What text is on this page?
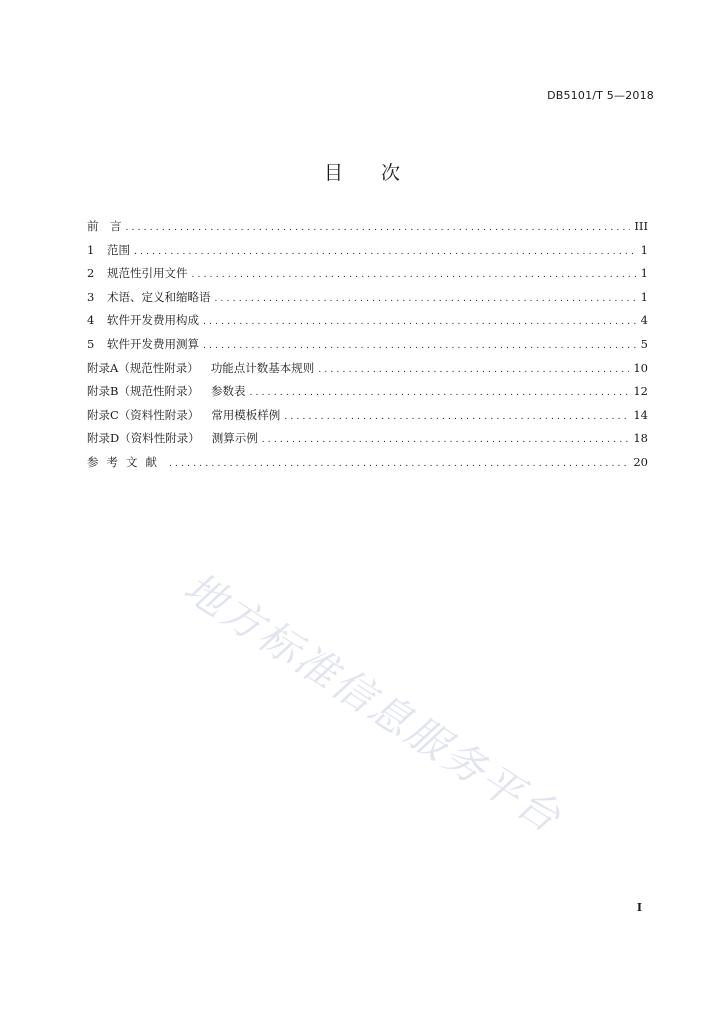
DB5101/T 5—2018
目 次
前　言 .....	III
1 范围 .....	1
2 规范性引用文件 .....	1
3 术语、定义和缩略语 .....	1
4 软件开发费用构成 .....	4
5 软件开发费用测算 .....	5
附录A（规范性附录） 功能点计数基本规则 .....	10
附录B（规范性附录） 参数表 .....	12
附录C（资料性附录） 常用模板样例 .....	14
附录D（资料性附录） 测算示例 .....	18
参考文献 .....	20
地方标准信息服务平台
I
